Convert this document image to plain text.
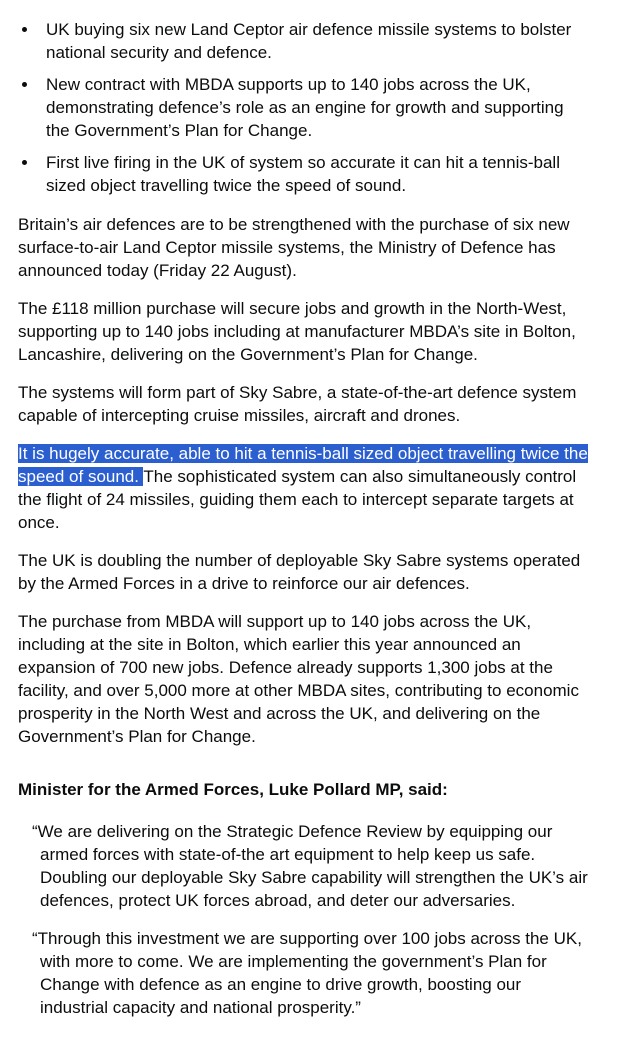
• UK buying six new Land Ceptor air defence missile systems to bolster national security and defence.
• New contract with MBDA supports up to 140 jobs across the UK, demonstrating defence’s role as an engine for growth and supporting the Government’s Plan for Change.
• First live firing in the UK of system so accurate it can hit a tennis-ball sized object travelling twice the speed of sound.

Britain’s air defences are to be strengthened with the purchase of six new surface-to-air Land Ceptor missile systems, the Ministry of Defence has announced today (Friday 22 August).

The £118 million purchase will secure jobs and growth in the North-West, supporting up to 140 jobs including at manufacturer MBDA’s site in Bolton, Lancashire, delivering on the Government’s Plan for Change.

The systems will form part of Sky Sabre, a state-of-the-art defence system capable of intercepting cruise missiles, aircraft and drones.

It is hugely accurate, able to hit a tennis-ball sized object travelling twice the speed of sound. The sophisticated system can also simultaneously control the flight of 24 missiles, guiding them each to intercept separate targets at once.

The UK is doubling the number of deployable Sky Sabre systems operated by the Armed Forces in a drive to reinforce our air defences.

The purchase from MBDA will support up to 140 jobs across the UK, including at the site in Bolton, which earlier this year announced an expansion of 700 new jobs. Defence already supports 1,300 jobs at the facility, and over 5,000 more at other MBDA sites, contributing to economic prosperity in the North West and across the UK, and delivering on the Government’s Plan for Change.

Minister for the Armed Forces, Luke Pollard MP, said:

“We are delivering on the Strategic Defence Review by equipping our armed forces with state-of-the art equipment to help keep us safe. Doubling our deployable Sky Sabre capability will strengthen the UK’s air defences, protect UK forces abroad, and deter our adversaries.

“Through this investment we are supporting over 100 jobs across the UK, with more to come. We are implementing the government’s Plan for Change with defence as an engine to drive growth, boosting our industrial capacity and national prosperity.”
